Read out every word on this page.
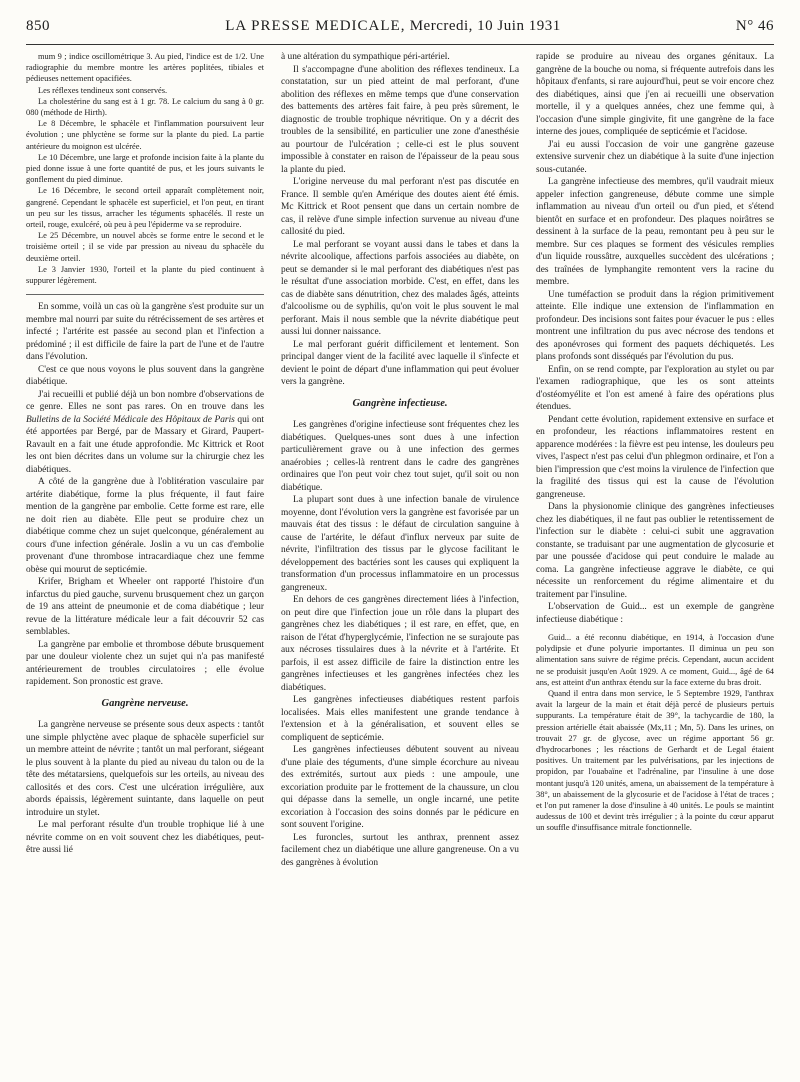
850	LA PRESSE MEDICALE, Mercredi, 10 Juin 1931	N° 46

mum 9 ; indice oscillométrique 3. Au pied, l'indice est de 1/2. Une radiographie du membre montre les artères poplitées, tibiales et pédieuses nettement opacifiées.

Les réflexes tendineux sont conservés.

La cholestérine du sang est à 1 gr. 78. Le calcium du sang à 0 gr. 080 (méthode de Hirth).

Le 8 Décembre, le sphacèle et l'inflammation poursuivent leur évolution ; une phlyctène se forme sur la plante du pied. La partie antérieure du moignon est ulcérée.

Le 10 Décembre, une large et profonde incision faite à la plante du pied donne issue à une forte quantité de pus, et les jours suivants le gonflement du pied diminue.

Le 16 Décembre, le second orteil apparaît complètement noir, gangrené. Cependant le sphacèle est superficiel, et l'on peut, en tirant un peu sur les tissus, arracher les téguments sphacélés. Il reste un orteil, rouge, exulcéré, où peu à peu l'épiderme va se reproduire.

Le 25 Décembre, un nouvel abcès se forme entre le second et le troisième orteil ; il se vide par pression au niveau du sphacèle du deuxième orteil.

Le 3 Janvier 1930, l'orteil et la plante du pied continuent à suppurer légèrement.

En somme, voilà un cas où la gangrène s'est produite sur un membre mal nourri par suite du rétrécissement de ses artères et infecté ; l'artérite est passée au second plan et l'infection a prédominé ; il est difficile de faire la part de l'une et de l'autre dans l'évolution.

C'est ce que nous voyons le plus souvent dans la gangrène diabétique.

J'ai recueilli et publié déjà un bon nombre d'observations de ce genre. Elles ne sont pas rares. On en trouve dans les Bulletins de la Société Médicale des Hôpitaux de Paris qui ont été apportées par Bergé, par de Massary et Girard, Paupert-Ravault en a fait une étude approfondie. Mc Kittrick et Root les ont bien décrites dans un volume sur la chirurgie chez les diabétiques.

A côté de la gangrène due à l'oblitération vasculaire par artérite diabétique, forme la plus fréquente, il faut faire mention de la gangrène par embolie. Cette forme est rare, elle ne doit rien au diabète. Elle peut se produire chez un diabétique comme chez un sujet quelconque, généralement au cours d'une infection générale. Joslin a vu un cas d'embolie provenant d'une thrombose intracardiaque chez une femme obèse qui mourut de septicémie.

Krifer, Brigham et Wheeler ont rapporté l'histoire d'un infarctus du pied gauche, survenu brusquement chez un garçon de 19 ans atteint de pneumonie et de coma diabétique ; leur revue de la littérature médicale leur a fait découvrir 52 cas semblables.

La gangrène par embolie et thrombose débute brusquement par une douleur violente chez un sujet qui n'a pas manifesté antérieurement de troubles circulatoires ; elle évolue rapidement. Son pronostic est grave.

Gangrène nerveuse.

La gangrène nerveuse se présente sous deux aspects : tantôt une simple phlyctène avec plaque de sphacèle superficiel sur un membre atteint de névrite ; tantôt un mal perforant, siégeant le plus souvent à la plante du pied au niveau du talon ou de la tête des métatarsiens, quelquefois sur les orteils, au niveau des callosités et des cors. C'est une ulcération irrégulière, aux abords épaissis, légèrement suintante, dans laquelle on peut introduire un stylet.

Le mal perforant résulte d'un trouble trophique lié à une névrite comme on en voit souvent chez les diabétiques, peut-être aussi lié

à une altération du sympathique péri-artériel.

Il s'accompagne d'une abolition des réflexes tendineux. La constatation, sur un pied atteint de mal perforant, d'une abolition des réflexes en même temps que d'une conservation des battements des artères fait faire, à peu près sûrement, le diagnostic de trouble trophique névritique. On y a décrit des troubles de la sensibilité, en particulier une zone d'anesthésie au pourtour de l'ulcération ; celle-ci est le plus souvent impossible à constater en raison de l'épaisseur de la peau sous la plante du pied.

L'origine nerveuse du mal perforant n'est pas discutée en France. Il semble qu'en Amérique des doutes aient été émis. Mc Kittrick et Root pensent que dans un certain nombre de cas, il relève d'une simple infection survenue au niveau d'une callosité du pied.

Le mal perforant se voyant aussi dans le tabes et dans la névrite alcoolique, affections parfois associées au diabète, on peut se demander si le mal perforant des diabétiques n'est pas le résultat d'une association morbide. C'est, en effet, dans les cas de diabète sans dénutrition, chez des malades âgés, atteints d'alcoolisme ou de syphilis, qu'on voit le plus souvent le mal perforant. Mais il nous semble que la névrite diabétique peut aussi lui donner naissance.

Le mal perforant guérit difficilement et lentement. Son principal danger vient de la facilité avec laquelle il s'infecte et devient le point de départ d'une inflammation qui peut évoluer vers la gangrène.

Gangrène infectieuse.

Les gangrènes d'origine infectieuse sont fréquentes chez les diabétiques. Quelques-unes sont dues à une infection particulièrement grave ou à une infection des germes anaérobies ; celles-là rentrent dans le cadre des gangrènes ordinaires que l'on peut voir chez tout sujet, qu'il soit ou non diabétique.

La plupart sont dues à une infection banale de virulence moyenne, dont l'évolution vers la gangrène est favorisée par un mauvais état des tissus : le défaut de circulation sanguine à cause de l'artérite, le défaut d'influx nerveux par suite de névrite, l'infiltration des tissus par le glycose facilitant le développement des bactéries sont les causes qui expliquent la transformation d'un processus inflammatoire en un processus gangreneux.

En dehors de ces gangrènes directement liées à l'infection, on peut dire que l'infection joue un rôle dans la plupart des gangrènes chez les diabétiques ; il est rare, en effet, que, en raison de l'état d'hyperglycémie, l'infection ne se surajoute pas aux nécroses tissulaires dues à la névrite et à l'artérite. Et parfois, il est assez difficile de faire la distinction entre les gangrènes infectieuses et les gangrènes infectées chez les diabétiques.

Les gangrènes infectieuses diabétiques restent parfois localisées. Mais elles manifestent une grande tendance à l'extension et à la généralisation, et souvent elles se compliquent de septicémie.

Les gangrènes infectieuses débutent souvent au niveau d'une plaie des téguments, d'une simple écorchure au niveau des extrémités, surtout aux pieds : une ampoule, une excoriation produite par le frottement de la chaussure, un clou qui dépasse dans la semelle, un ongle incarné, une petite excoriation à l'occasion des soins donnés par le pédicure en sont souvent l'origine.

Les furoncles, surtout les anthrax, prennent assez facilement chez un diabétique une allure gangreneuse. On a vu des gangrènes à évolution

rapide se produire au niveau des organes génitaux. La gangrène de la bouche ou noma, si fréquente autrefois dans les hôpitaux d'enfants, si rare aujourd'hui, peut se voir encore chez des diabétiques, ainsi que j'en ai recueilli une observation mortelle, il y a quelques années, chez une femme qui, à l'occasion d'une simple gingivite, fit une gangrène de la face interne des joues, compliquée de septicémie et l'acidose.

J'ai eu aussi l'occasion de voir une gangrène gazeuse extensive survenir chez un diabétique à la suite d'une injection sous-cutanée.

La gangrène infectieuse des membres, qu'il vaudrait mieux appeler infection gangreneuse, débute comme une simple inflammation au niveau d'un orteil ou d'un pied, et s'étend bientôt en surface et en profondeur. Des plaques noirâtres se dessinent à la surface de la peau, remontant peu à peu sur le membre. Sur ces plaques se forment des vésicules remplies d'un liquide roussâtre, auxquelles succèdent des ulcérations ; des traînées de lymphangite remontent vers la racine du membre.

Une tuméfaction se produit dans la région primitivement atteinte. Elle indique une extension de l'inflammation en profondeur. Des incisions sont faites pour évacuer le pus : elles montrent une infiltration du pus avec nécrose des tendons et des aponévroses qui forment des paquets déchiquetés. Les plans profonds sont disséqués par l'évolution du pus.

Enfin, on se rend compte, par l'exploration au stylet ou par l'examen radiographique, que les os sont atteints d'ostéomyélite et l'on est amené à faire des opérations plus étendues.

Pendant cette évolution, rapidement extensive en surface et en profondeur, les réactions inflammatoires restent en apparence modérées : la fièvre est peu intense, les douleurs peu vives, l'aspect n'est pas celui d'un phlegmon ordinaire, et l'on a bien l'impression que c'est moins la virulence de l'infection que la fragilité des tissus qui est la cause de l'évolution gangreneuse.

Dans la physionomie clinique des gangrènes infectieuses chez les diabétiques, il ne faut pas oublier le retentissement de l'infection sur le diabète : celui-ci subit une aggravation constante, se traduisant par une augmentation de glycosurie et par une poussée d'acidose qui peut conduire le malade au coma. La gangrène infectieuse aggrave le diabète, ce qui nécessite un renforcement du régime alimentaire et du traitement par l'insuline.

L'observation de Guid... est un exemple de gangrène infectieuse diabétique :

Guid... a été reconnu diabétique, en 1914, à l'occasion d'une polydipsie et d'une polyurie importantes. Il diminua un peu son alimentation sans suivre de régime précis. Cependant, aucun accident ne se produisit jusqu'en Août 1929. A ce moment, Guid..., âgé de 64 ans, est atteint d'un anthrax étendu sur la face externe du bras droit.

Quand il entra dans mon service, le 5 Septembre 1929, l'anthrax avait la largeur de la main et était déjà percé de plusieurs pertuis suppurants. La température était de 39°, la tachycardie de 180, la pression artérielle était abaissée (Mx,11 ; Mn, 5). Dans les urines, on trouvait 27 gr. de glycose, avec un régime apportant 56 gr. d'hydrocarbones ; les réactions de Gerhardt et de Legal étaient positives. Un traitement par les pulvérisations, par les injections de propidon, par l'ouabaïne et l'adrénaline, par l'insuline à une dose montant jusqu'à 120 unités, amena, un abaissement de la température à 38°, un abaissement de la glycosurie et de l'acidose à l'état de traces ; et l'on put ramener la dose d'insuline à 40 unités. Le pouls se maintint audessus de 100 et devint très irrégulier ; à la pointe du cœur apparut un souffle d'insuffisance mitrale fonctionnelle.
